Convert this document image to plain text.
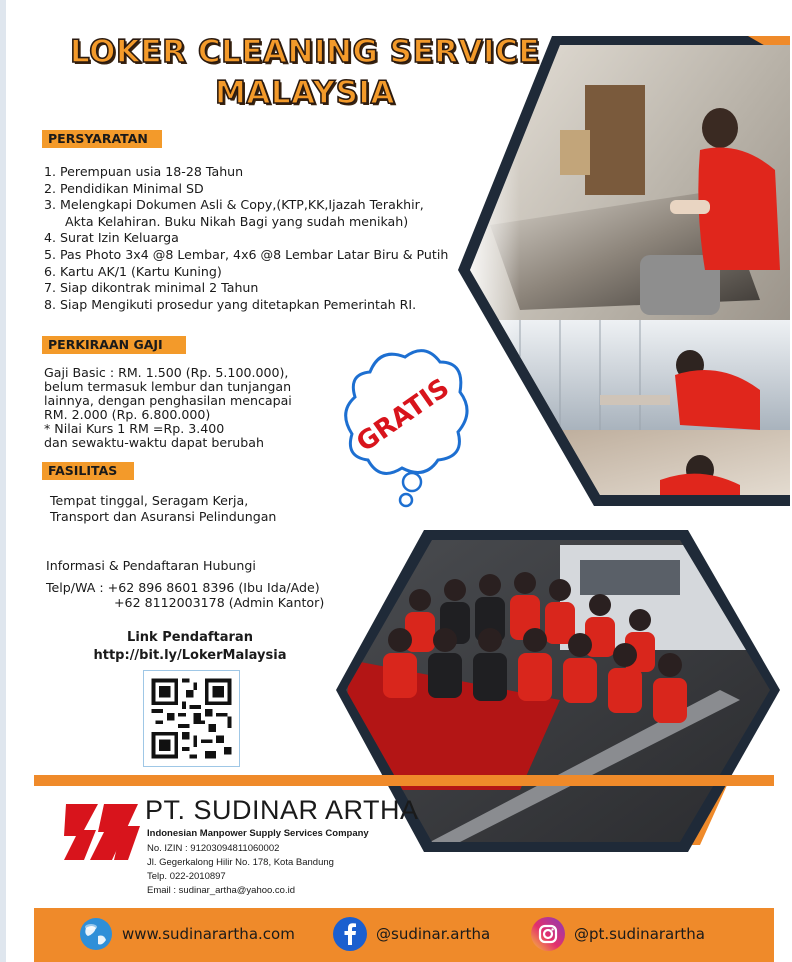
LOKER CLEANING SERVICE
MALAYSIA
PERSYARATAN
1. Perempuan usia 18-28 Tahun
2. Pendidikan Minimal SD
3. Melengkapi Dokumen Asli & Copy,(KTP,KK,Ijazah Terakhir,
Akta Kelahiran. Buku Nikah Bagi yang sudah menikah)
4. Surat Izin Keluarga
5. Pas Photo 3x4 @8 Lembar, 4x6 @8 Lembar Latar Biru & Putih
6. Kartu AK/1 (Kartu Kuning)
7. Siap dikontrak minimal 2 Tahun
8. Siap Mengikuti prosedur yang ditetapkan Pemerintah RI.
PERKIRAAN GAJI
Gaji Basic : RM. 1.500 (Rp. 5.100.000),
belum termasuk lembur dan tunjangan
lainnya, dengan penghasilan mencapai
RM. 2.000 (Rp. 6.800.000)
* Nilai Kurs 1 RM =Rp. 3.400
dan sewaktu-waktu dapat berubah
FASILITAS
Tempat tinggal, Seragam Kerja,
Transport dan Asuransi Pelindungan
GRATIS
Informasi & Pendaftaran Hubungi
Telp/WA : +62 896 8601 8396 (Ibu Ida/Ade)
+62 8112003178 (Admin Kantor)
Link Pendaftaran
http://bit.ly/LokerMalaysia
PT. SUDINAR ARTHA
Indonesian Manpower Supply Services Company
No. IZIN : 91203094811060002
Jl. Gegerkalong Hilir No. 178, Kota Bandung
Telp. 022-2010897
Email : sudinar_artha@yahoo.co.id
www.sudinarartha.com	@sudinar.artha	@pt.sudinarartha
